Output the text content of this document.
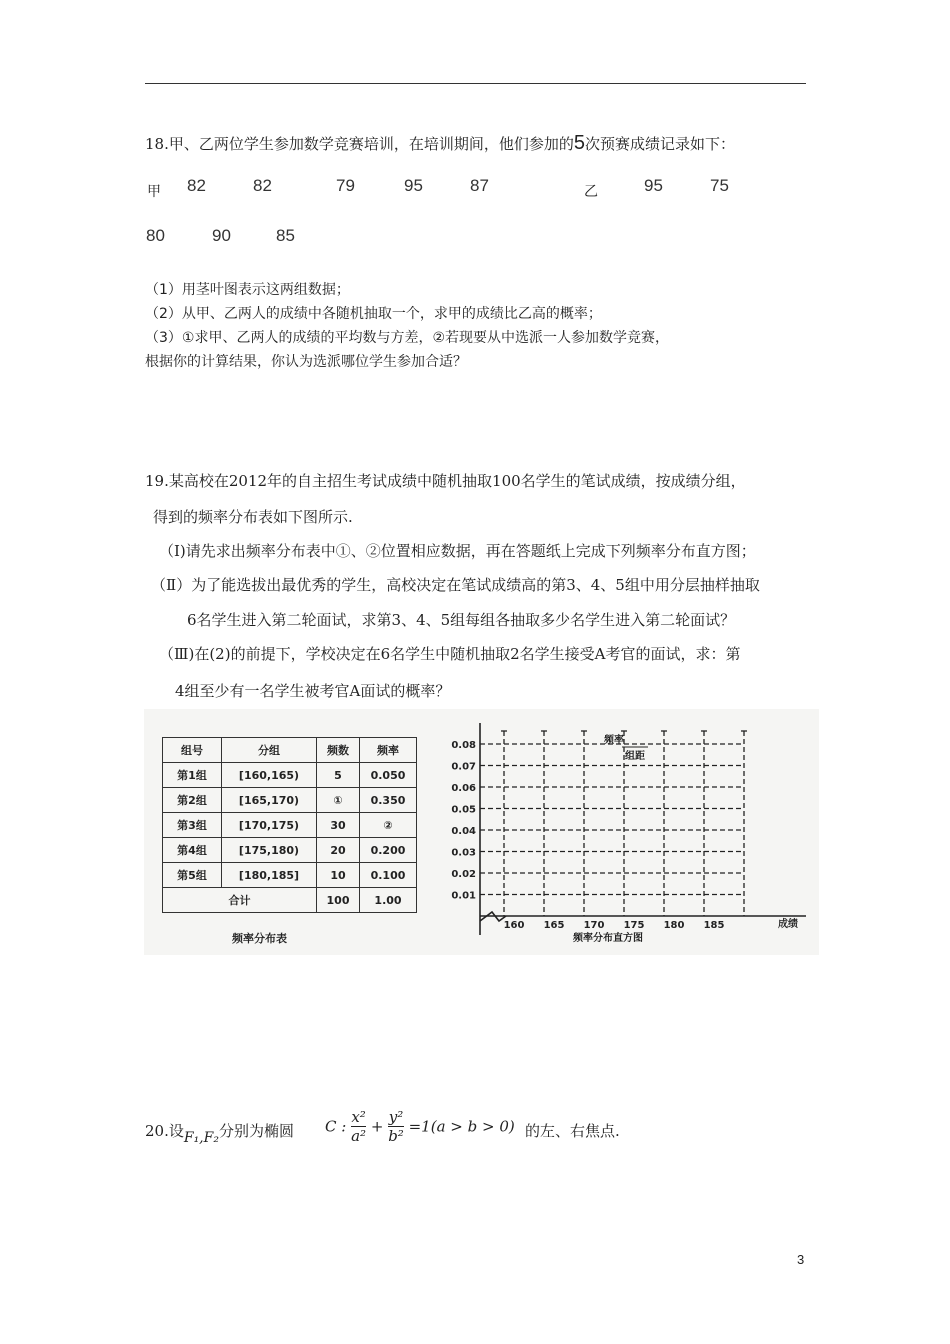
18.甲、乙两位学生参加数学竞赛培训，在培训期间，他们参加的5次预赛成绩记录如下：
甲 82	82	79	95	87	乙	95	75
80	90	85
（1）用茎叶图表示这两组数据；
（2）从甲、乙两人的成绩中各随机抽取一个，求甲的成绩比乙高的概率；
（3）①求甲、乙两人的成绩的平均数与方差，②若现要从中选派一人参加数学竞赛，
根据你的计算结果，你认为选派哪位学生参加合适？
19.某高校在2012年的自主招生考试成绩中随机抽取100名学生的笔试成绩，按成绩分组，
得到的频率分布表如下图所示.
（Ⅰ)请先求出频率分布表中①、②位置相应数据，再在答题纸上完成下列频率分布直方图；
（Ⅱ）为了能选拔出最优秀的学生，高校决定在笔试成绩高的第3、4、5组中用分层抽样抽取
6名学生进入第二轮面试，求第3、4、5组每组各抽取多少名学生进入第二轮面试？
（Ⅲ)在(2)的前提下，学校决定在6名学生中随机抽取2名学生接受A考官的面试，求：第
4组至少有一名学生被考官A面试的概率？
组号	分组	频数	频率
第1组	[160,165)	5	0.050
第2组	[165,170)	①	0.350
第3组	[170,175)	30	②
第4组	[175,180)	20	0.200
第5组	[180,185]	10	0.100
合计		100	1.00
频率分布表
频率
组距
0.01
0.02
0.03
0.04
0.05
0.06
0.07
0.08
160 165 170 175 180 185	成绩
频率分布直方图
20.设F₁,F₂分别为椭圆 C : $\frac{\text{x²}}{\text{a²}} + \frac{\text{y²}}{\text{b²}} =1(a > b > 0)$ 的左、右焦点.
3
